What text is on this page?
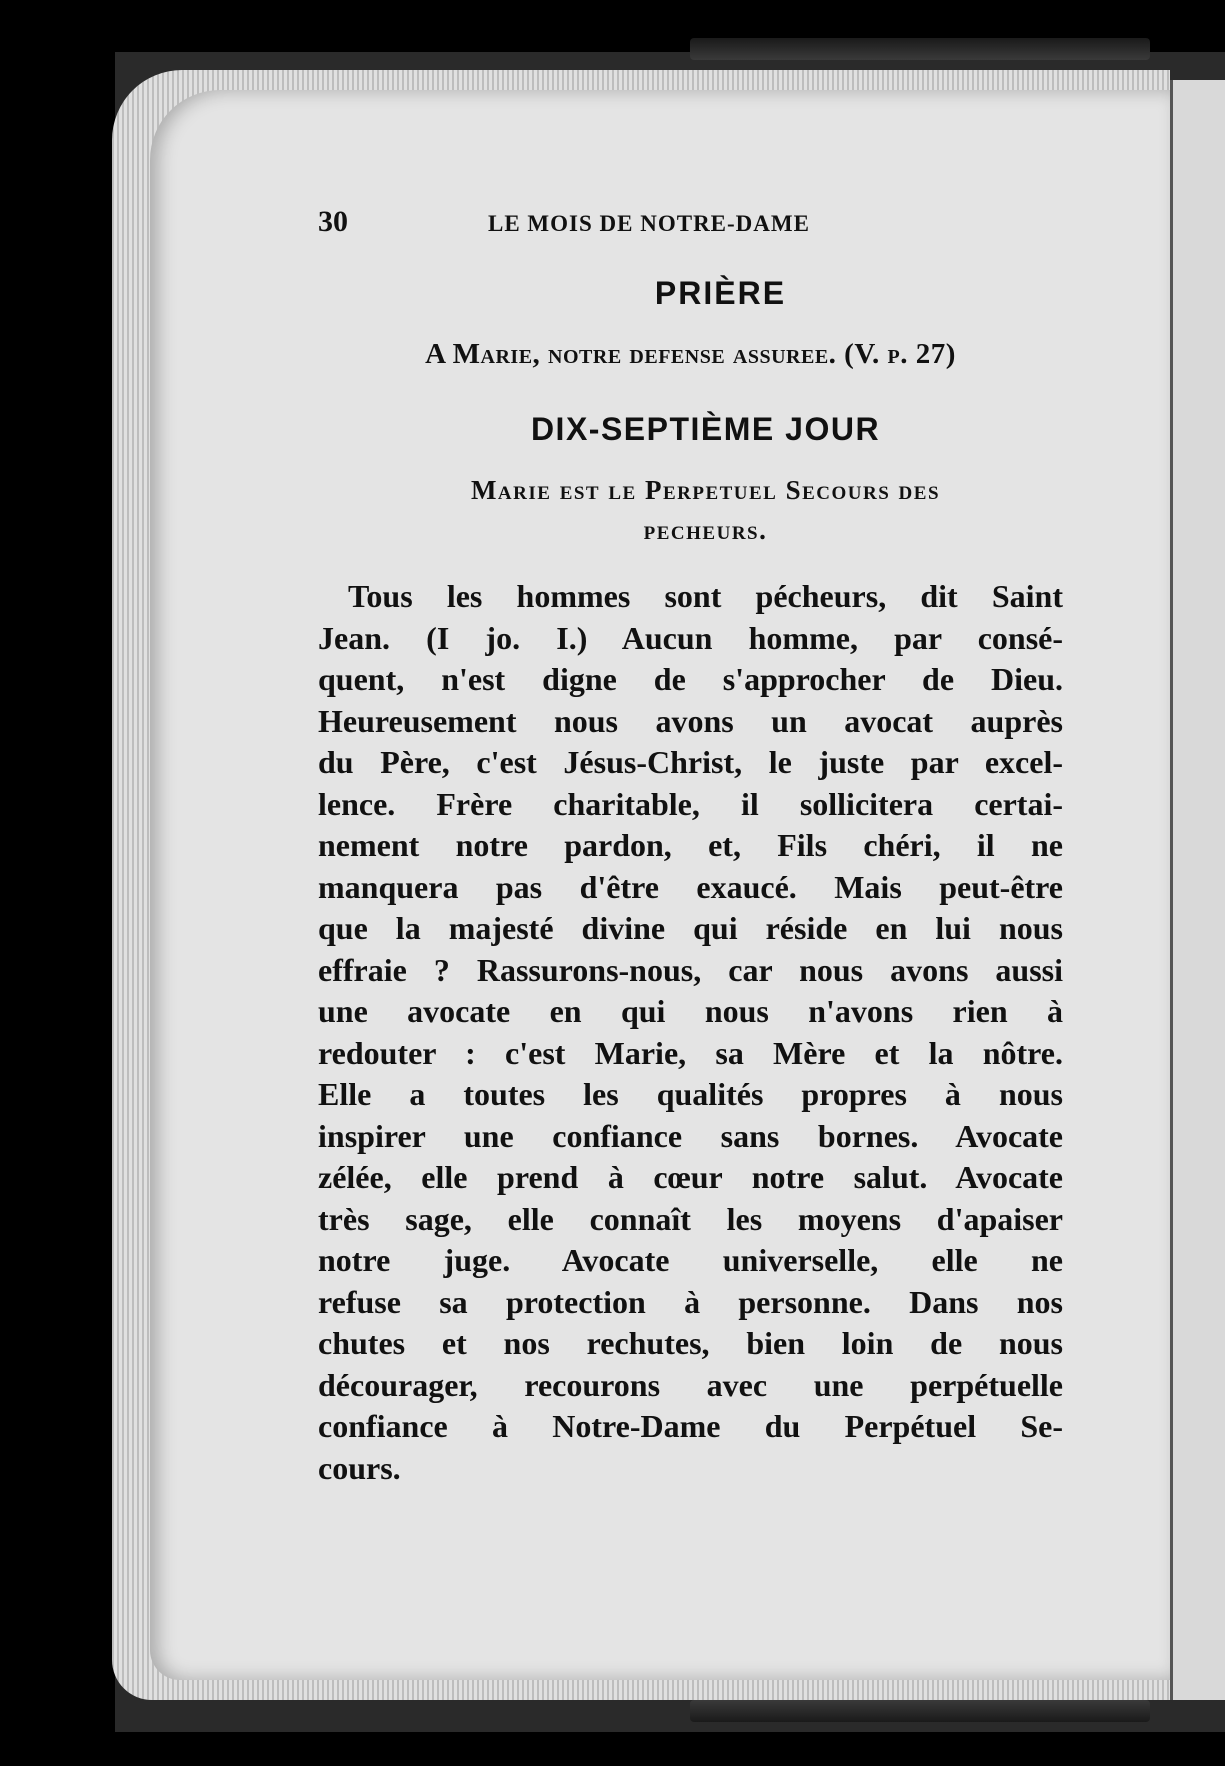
30	LE MOIS DE NOTRE-DAME
PRIÈRE
A Marie, notre defense assuree. (V. p. 27)
DIX-SEPTIÈME JOUR
Marie est le Perpetuel Secours des
pecheurs.
Tous les hommes sont pécheurs, dit Saint
Jean. (I jo. I.) Aucun homme, par consé-
quent, n'est digne de s'approcher de Dieu.
Heureusement nous avons un avocat auprès
du Père, c'est Jésus-Christ, le juste par excel-
lence. Frère charitable, il sollicitera certai-
nement notre pardon, et, Fils chéri, il ne
manquera pas d'être exaucé. Mais peut-être
que la majesté divine qui réside en lui nous
effraie ? Rassurons-nous, car nous avons aussi
une avocate en qui nous n'avons rien à
redouter : c'est Marie, sa Mère et la nôtre.
Elle a toutes les qualités propres à nous
inspirer une confiance sans bornes. Avocate
zélée, elle prend à cœur notre salut. Avocate
très sage, elle connaît les moyens d'apaiser
notre juge. Avocate universelle, elle ne
refuse sa protection à personne. Dans nos
chutes et nos rechutes, bien loin de nous
décourager, recourons avec une perpétuelle
confiance à Notre-Dame du Perpétuel Se-
cours.
